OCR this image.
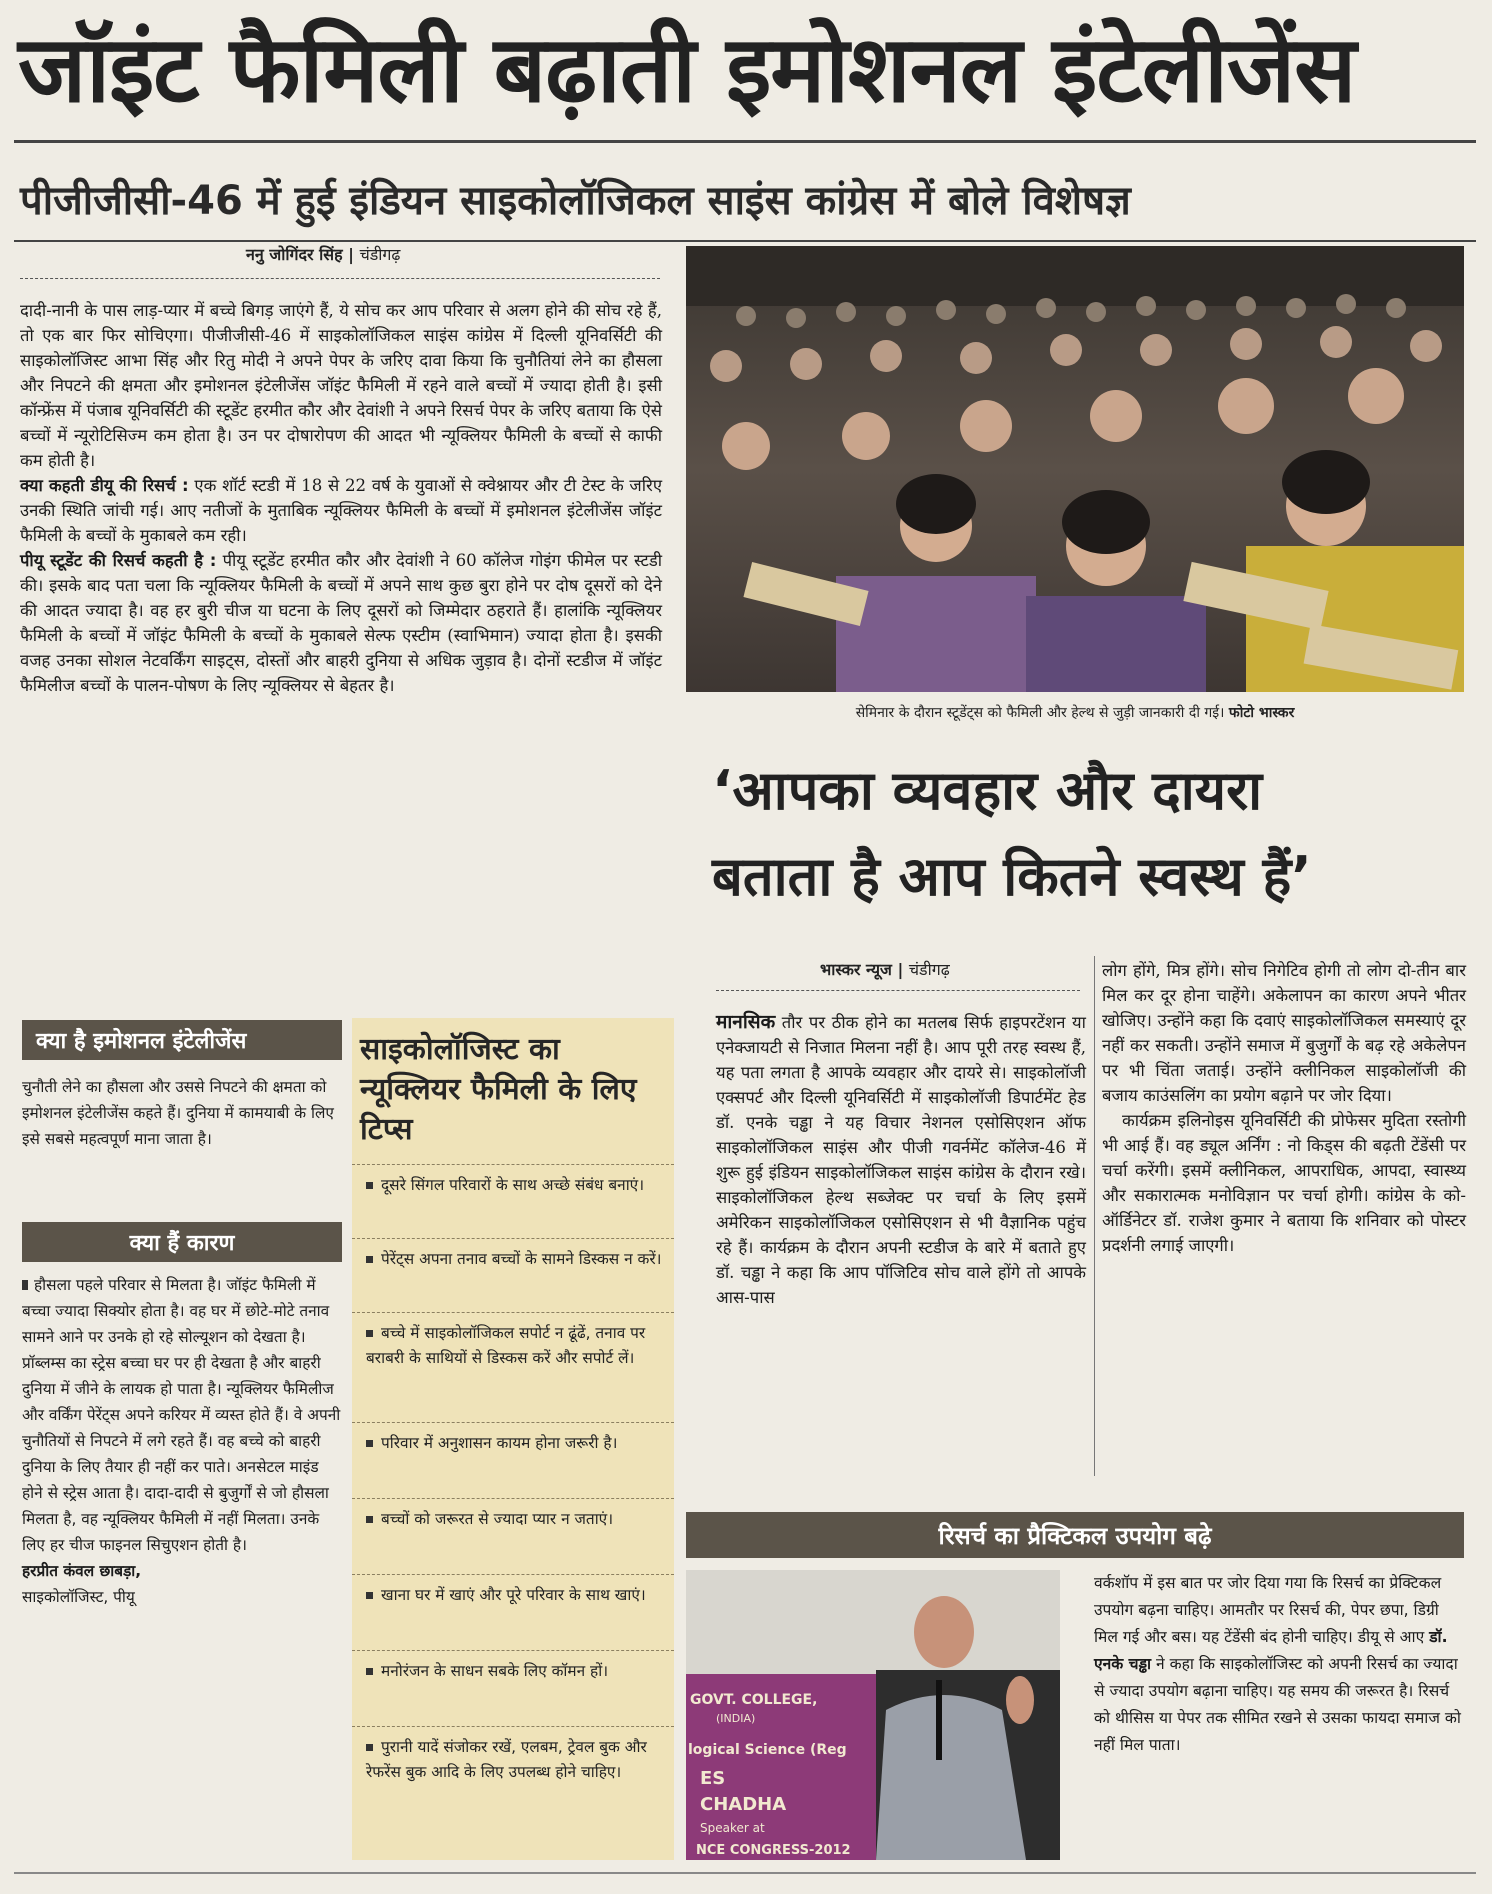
जॉइंट फैमिली बढ़ाती इमोशनल इंटेलीजेंस
पीजीजीसी-46 में हुई इंडियन साइकोलॉजिकल साइंस कांग्रेस में बोले विशेषज्ञ
ननु जोगिंदर सिंह | चंडीगढ़

दादी-नानी के पास लाड़-प्यार में बच्चे बिगड़ जाएंगे हैं, ये सोच कर आप परिवार से अलग होने की सोच रहे हैं, तो एक बार फिर सोचिएगा। पीजीजीसी-46 में साइकोलॉजिकल साइंस कांग्रेस में दिल्ली यूनिवर्सिटी की साइकोलॉजिस्ट आभा सिंह और रितु मोदी ने अपने पेपर के जरिए दावा किया कि चुनौतियां लेने का हौसला और निपटने की क्षमता और इमोशनल इंटेलीजेंस जॉइंट फैमिली में रहने वाले बच्चों में ज्यादा होती है। इसी कॉन्फ्रेंस में पंजाब यूनिवर्सिटी की स्टूडेंट हरमीत कौर और देवांशी ने अपने रिसर्च पेपर के जरिए बताया कि ऐसे बच्चों में न्यूरोटिसिज्म कम होता है। उन पर दोषारोपण की आदत भी न्यूक्लियर फैमिली के बच्चों से काफी कम होती है।

क्या कहती डीयू की रिसर्च : एक शॉर्ट स्टडी में 18 से 22 वर्ष के युवाओं से क्वेश्नायर और टी टेस्ट के जरिए उनकी स्थिति जांची गई। आए नतीजों के मुताबिक न्यूक्लियर फैमिली के बच्चों में इमोशनल इंटेलीजेंस जॉइंट फैमिली के बच्चों के मुकाबले कम रही।

पीयू स्टूडेंट की रिसर्च कहती है : पीयू स्टूडेंट हरमीत कौर और देवांशी ने 60 कॉलेज गोइंग फीमेल पर स्टडी की। इसके बाद पता चला कि न्यूक्लियर फैमिली के बच्चों में अपने साथ कुछ बुरा होने पर दोष दूसरों को देने की आदत ज्यादा है। वह हर बुरी चीज या घटना के लिए दूसरों को जिम्मेदार ठहराते हैं। हालांकि न्यूक्लियर फैमिली के बच्चों में जॉइंट फैमिली के बच्चों के मुकाबले सेल्फ एस्टीम (स्वाभिमान) ज्यादा होता है। इसकी वजह उनका सोशल नेटवर्किंग साइट्स, दोस्तों और बाहरी दुनिया से अधिक जुड़ाव है। दोनों स्टडीज में जॉइंट फैमिलीज बच्चों के पालन-पोषण के लिए न्यूक्लियर से बेहतर है।

सेमिनार के दौरान स्टूडेंट्स को फैमिली और हेल्थ से जुड़ी जानकारी दी गई। फोटो भास्कर
‘आपका व्यवहार और दायरा
बताता है आप कितने स्वस्थ हैं’
भास्कर न्यूज | चंडीगढ़

मानसिक तौर पर ठीक होने का मतलब सिर्फ हाइपरटेंशन या एनेक्जायटी से निजात मिलना नहीं है। आप पूरी तरह स्वस्थ हैं, यह पता लगता है आपके व्यवहार और दायरे से। साइकोलॉजी एक्सपर्ट और दिल्ली यूनिवर्सिटी में साइकोलॉजी डिपार्टमेंट हेड डॉ. एनके चड्ढा ने यह विचार नेशनल एसोसिएशन ऑफ साइकोलॉजिकल साइंस और पीजी गवर्नमेंट कॉलेज-46 में शुरू हुई इंडियन साइकोलॉजिकल साइंस कांग्रेस के दौरान रखे।साइकोलॉजिकल हेल्थ सब्जेक्ट पर चर्चा के लिए इसमें अमेरिकन साइकोलॉजिकल एसोसिएशन से भी वैज्ञानिक पहुंच रहे हैं। कार्यक्रम के दौरान अपनी स्टडीज के बारे में बताते हुए डॉ. चड्ढा ने कहा कि आप पॉजिटिव सोच वाले होंगे तो आपके आस-पास

लोग होंगे, मित्र होंगे। सोच निगेटिव होगी तो लोग दो-तीन बार मिल कर दूर होना चाहेंगे। अकेलापन का कारण अपने भीतर खोजिए। उन्होंने कहा कि दवाएं साइकोलॉजिकल समस्याएं दूर नहीं कर सकती। उन्होंने समाज में बुजुर्गों के बढ़ रहे अकेलेपन पर भी चिंता जताई। उन्होंने क्लीनिकल साइकोलॉजी की बजाय काउंसलिंग का प्रयोग बढ़ाने पर जोर दिया।

कार्यक्रम इलिनोइस यूनिवर्सिटी की प्रोफेसर मुदिता रस्तोगी भी आई हैं। वह ड्यूल अर्निंग : नो किड्स की बढ़ती टेंडेंसी पर चर्चा करेंगी। इसमें क्लीनिकल, आपराधिक, आपदा, स्वास्थ्य और सकारात्मक मनोविज्ञान पर चर्चा होगी। कांग्रेस के को-ऑर्डिनेटर डॉ. राजेश कुमार ने बताया कि शनिवार को पोस्टर प्रदर्शनी लगाई जाएगी।

क्या है इमोशनल इंटेलीजेंस
चुनौती लेने का हौसला और उससे निपटने की क्षमता को इमोशनल इंटेलीजेंस कहते हैं। दुनिया में कामयाबी के लिए इसे सबसे महत्वपूर्ण माना जाता है।
क्या हैं कारण

हौसला पहले परिवार से मिलता है। जॉइंट फैमिली में बच्चा ज्यादा सिक्योर होता है। वह घर में छोटे-मोटे तनाव सामने आने पर उनके हो रहे सोल्यूशन को देखता है। प्रॉब्लम्स का स्ट्रेस बच्चा घर पर ही देखता है और बाहरी दुनिया में जीने के लायक हो पाता है। न्यूक्लियर फैमिलीज और वर्किंग पेरेंट्स अपने करियर में व्यस्त होते हैं। वे अपनी चुनौतियों से निपटने में लगे रहते हैं। वह बच्चे को बाहरी दुनिया के लिए तैयार ही नहीं कर पाते। अनसेटल माइंड होने से स्ट्रेस आता है। दादा-दादी से बुजुर्गों से जो हौसला मिलता है, वह न्यूक्लियर फैमिली में नहीं मिलता। उनके लिए हर चीज फाइनल सिचुएशन होती है।

हरप्रीत कंवल छाबड़ा,

साइकोलॉजिस्ट, पीयू

साइकोलॉजिस्ट का न्यूक्लियर फैमिली के लिए टिप्स
दूसरे सिंगल परिवारों के साथ अच्छे संबंध बनाएं।
पेरेंट्स अपना तनाव बच्चों के सामने डिस्कस न करें।
बच्चे में साइकोलॉजिकल सपोर्ट न ढूंढें, तनाव पर बराबरी के साथियों से डिस्कस करें और सपोर्ट लें।
परिवार में अनुशासन कायम होना जरूरी है।
बच्चों को जरूरत से ज्यादा प्यार न जताएं।
खाना घर में खाएं और पूरे परिवार के साथ खाएं।
मनोरंजन के साधन सबके लिए कॉमन हों।
पुरानी यादें संजोकर रखें, एलबम, ट्रेवल बुक और रेफरेंस बुक आदि के लिए उपलब्ध होने चाहिए।
रिसर्च का प्रैक्टिकल उपयोग बढ़े
GOVT. COLLEGE,
(INDIA)
logical Science (Reg
ES
CHADHA
Speaker at
NCE CONGRESS-2012

वर्कशॉप में इस बात पर जोर दिया गया कि रिसर्च का प्रेक्टिकल उपयोग बढ़ना चाहिए। आमतौर पर रिसर्च की, पेपर छपा, डिग्री मिल गई और बस। यह टेंडेंसी बंद होनी चाहिए। डीयू से आए डॉ. एनके चड्ढा ने कहा कि साइकोलॉजिस्ट को अपनी रिसर्च का ज्यादा से ज्यादा उपयोग बढ़ाना चाहिए। यह समय की जरूरत है। रिसर्च को थीसिस या पेपर तक सीमित रखने से उसका फायदा समाज को नहीं मिल पाता।
